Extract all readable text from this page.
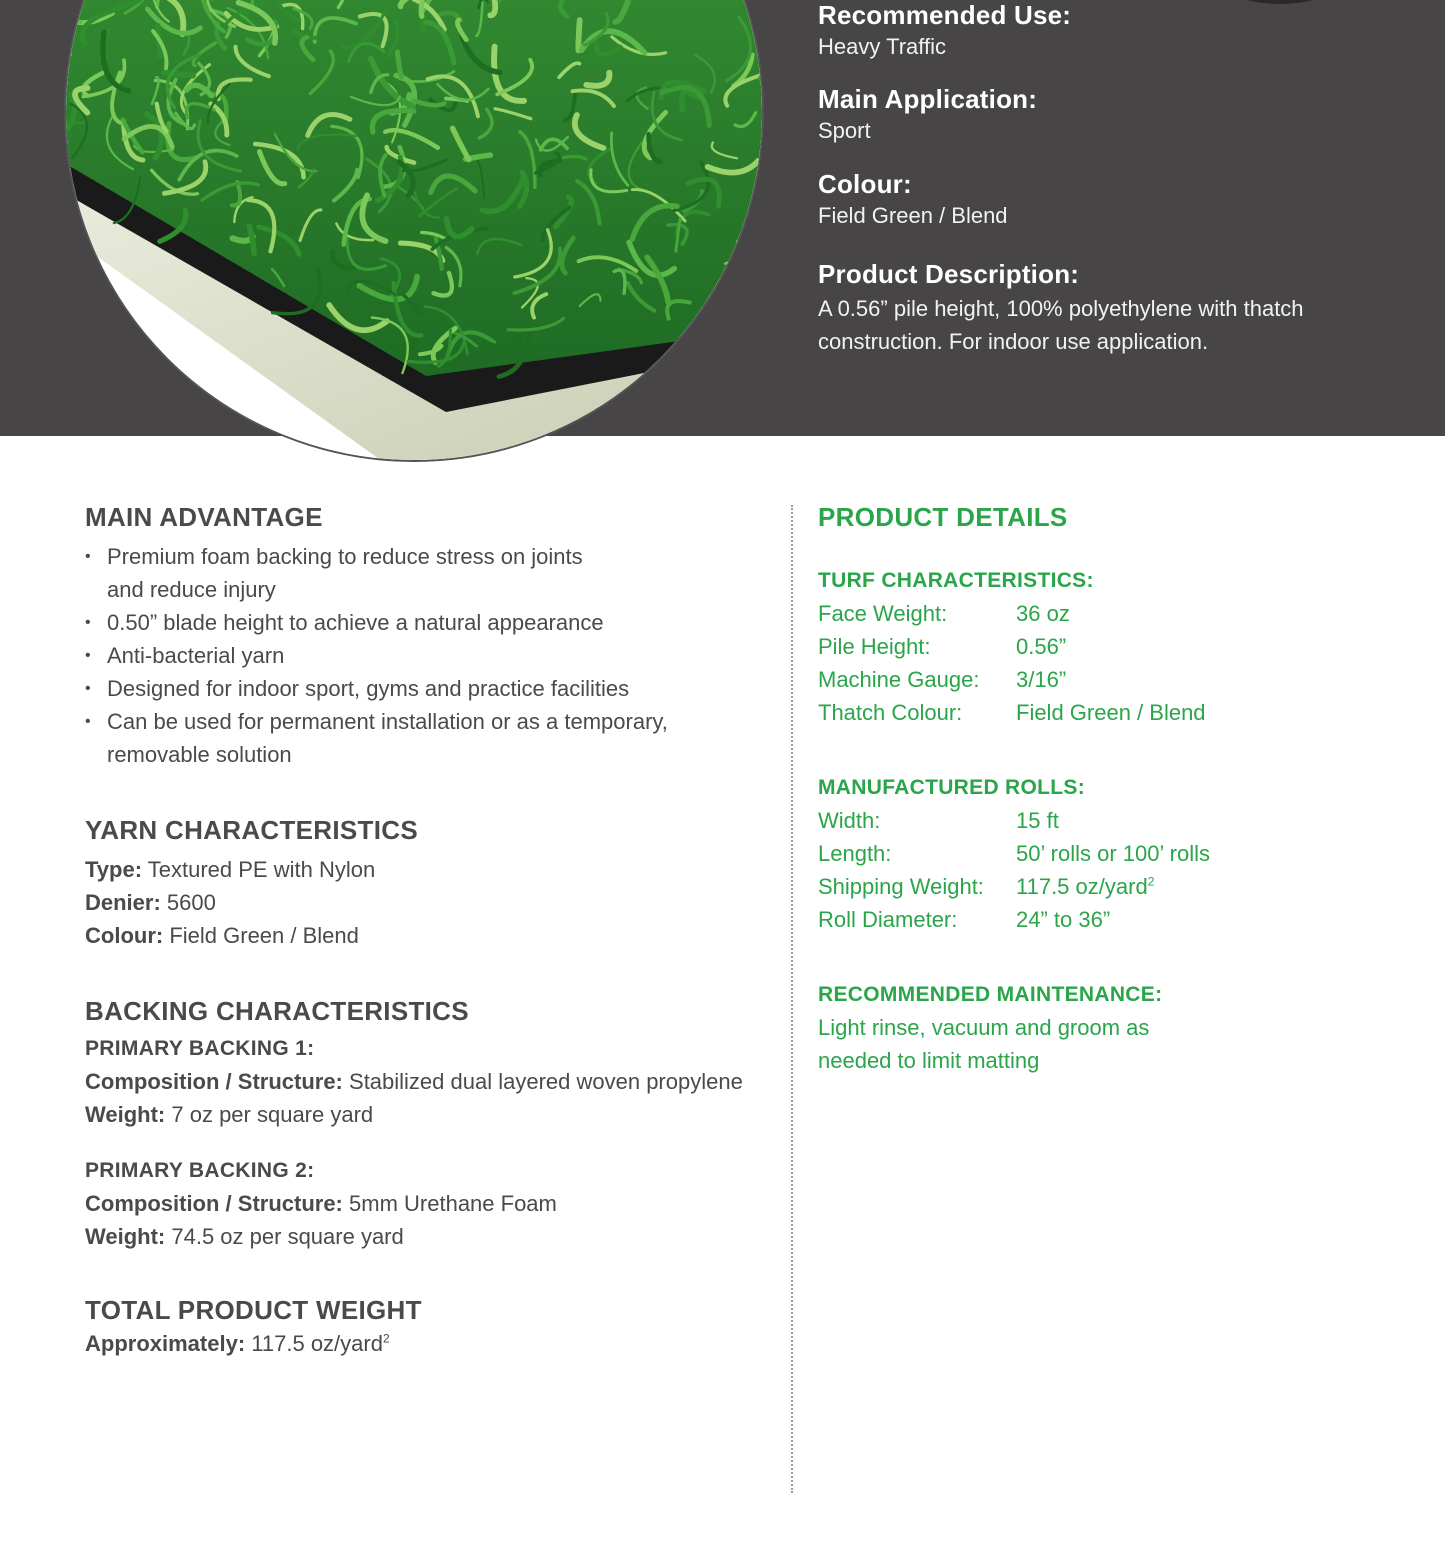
Recommended Use:
Heavy Traffic
Main Application:
Sport
Colour:
Field Green / Blend
Product Description:
A 0.56” pile height, 100% polyethylene with thatch construction. For indoor use application.
MAIN ADVANTAGE
• Premium foam backing to reduce stress on joints and reduce injury
• 0.50” blade height to achieve a natural appearance
• Anti-bacterial yarn
• Designed for indoor sport, gyms and practice facilities
• Can be used for permanent installation or as a temporary, removable solution
YARN CHARACTERISTICS
Type: Textured PE with Nylon
Denier: 5600
Colour: Field Green / Blend
BACKING CHARACTERISTICS
PRIMARY BACKING 1:
Composition / Structure: Stabilized dual layered woven propylene
Weight: 7 oz per square yard
PRIMARY BACKING 2:
Composition / Structure: 5mm Urethane Foam
Weight: 74.5 oz per square yard
TOTAL PRODUCT WEIGHT
Approximately: 117.5 oz/yard$^2$
PRODUCT DETAILS
TURF CHARACTERISTICS:
Face Weight:	36 oz
Pile Height:	0.56”
Machine Gauge:	3/16”
Thatch Colour:	Field Green / Blend
MANUFACTURED ROLLS:
Width:	15 ft
Length:	50’ rolls or 100’ rolls
Shipping Weight:	117.5 oz/yard$^2$
Roll Diameter:	24” to 36”
RECOMMENDED MAINTENANCE:
Light rinse, vacuum and groom as
needed to limit matting
